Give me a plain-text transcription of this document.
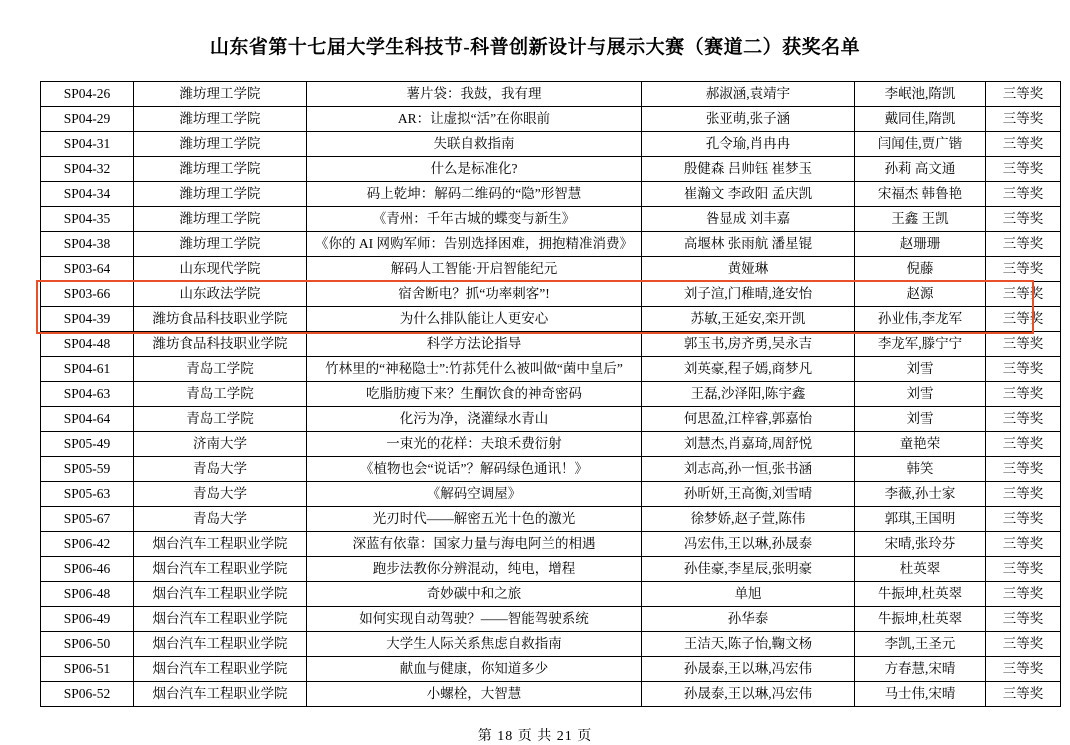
山东省第十七届大学生科技节-科普创新设计与展示大赛（赛道二）获奖名单
SP04-26	潍坊理工学院	薯片袋：我鼓，我有理	郝淑涵,袁靖宇	李岷池,隋凯	三等奖
SP04-29	潍坊理工学院	AR：让虚拟“活”在你眼前	张亚萌,张子涵	戴同佳,隋凯	三等奖
SP04-31	潍坊理工学院	失联自救指南	孔令瑜,肖冉冉	闫闻佳,贾广锴	三等奖
SP04-32	潍坊理工学院	什么是标准化?	殷健森 吕帅钰 崔梦玉	孙莉 高文通	三等奖
SP04-34	潍坊理工学院	码上乾坤：解码二维码的“隐”形智慧	崔瀚文 李政阳 孟庆凯	宋福杰 韩鲁艳	三等奖
SP04-35	潍坊理工学院	《青州：千年古城的蝶变与新生》	昝显成 刘丰嘉	王鑫 王凯	三等奖
SP04-38	潍坊理工学院	《你的 AI 网购军师：告别选择困难，拥抱精准消费》	高堰林 张雨航 潘星锟	赵珊珊	三等奖
SP03-64	山东现代学院	解码人工智能·开启智能纪元	黄娅琳	倪藤	三等奖
SP03-66	山东政法学院	宿舍断电？抓“功率刺客”!	刘子渲,门稚晴,逄安怡	赵源	三等奖
SP04-39	潍坊食品科技职业学院	为什么排队能让人更安心	苏敏,王延安,栾开凯	孙业伟,李龙军	三等奖
SP04-48	潍坊食品科技职业学院	科学方法论指导	郭玉书,房齐勇,吴永吉	李龙军,滕宁宁	三等奖
SP04-61	青岛工学院	竹林里的“神秘隐士”:竹荪凭什么被叫做“菌中皇后”	刘英豪,程子嫣,商梦凡	刘雪	三等奖
SP04-63	青岛工学院	吃脂肪瘦下来？生酮饮食的神奇密码	王磊,沙泽阳,陈宇鑫	刘雪	三等奖
SP04-64	青岛工学院	化污为净，浇灌绿水青山	何思盈,江梓睿,郭嘉怡	刘雪	三等奖
SP05-49	济南大学	一束光的花样：夫琅禾费衍射	刘慧杰,肖嘉琦,周舒悦	童艳荣	三等奖
SP05-59	青岛大学	《植物也会“说话”？解码绿色通讯！》	刘志高,孙一恒,张书涵	韩笑	三等奖
SP05-63	青岛大学	《解码空调屋》	孙昕妍,王高衡,刘雪晴	李薇,孙士家	三等奖
SP05-67	青岛大学	光刃时代——解密五光十色的激光	徐梦娇,赵子萱,陈伟	郭琪,王国明	三等奖
SP06-42	烟台汽车工程职业学院	深蓝有依靠：国家力量与海电阿兰的相遇	冯宏伟,王以琳,孙晟泰	宋晴,张玲芬	三等奖
SP06-46	烟台汽车工程职业学院	跑步法教你分辨混动，纯电，增程	孙佳豪,李星辰,张明豪	杜英翠	三等奖
SP06-48	烟台汽车工程职业学院	奇妙碳中和之旅	单旭	牛振坤,杜英翠	三等奖
SP06-49	烟台汽车工程职业学院	如何实现自动驾驶？——智能驾驶系统	孙华泰	牛振坤,杜英翠	三等奖
SP06-50	烟台汽车工程职业学院	大学生人际关系焦虑自救指南	王洁天,陈子怡,鞠文杨	李凯,王圣元	三等奖
SP06-51	烟台汽车工程职业学院	献血与健康，你知道多少	孙晟泰,王以琳,冯宏伟	方春慧,宋晴	三等奖
SP06-52	烟台汽车工程职业学院	小螺栓，大智慧	孙晟泰,王以琳,冯宏伟	马士伟,宋晴	三等奖
第 18 页 共 21 页
